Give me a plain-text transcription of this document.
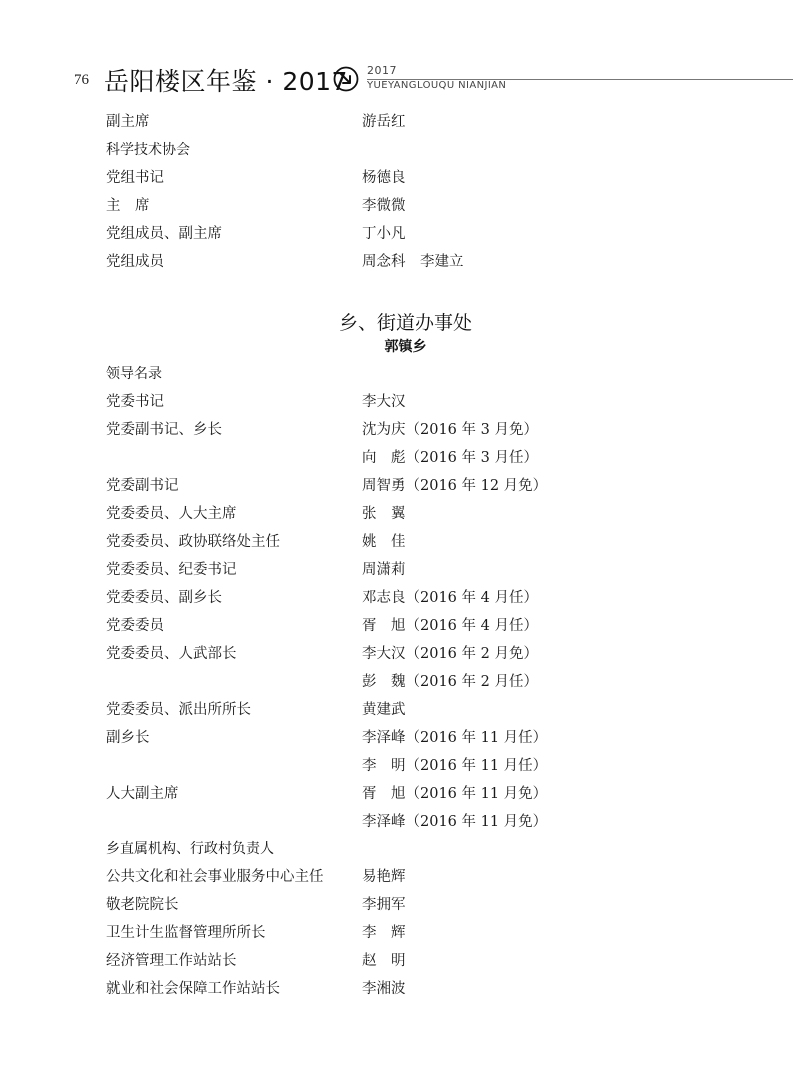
76 岳阳楼区年鉴 · 2017 2017
YUEYANGLOUQU NIANJIAN
副主席	游岳红
科学技术协会
党组书记	杨德良
主　席	李微微
党组成员、副主席	丁小凡
党组成员	周念科　李建立
乡、街道办事处
郭镇乡
领导名录
党委书记	李大汉
党委副书记、乡长	沈为庆（2016 年 3 月免）
向　彪（2016 年 3 月任）
党委副书记	周智勇（2016 年 12 月免）
党委委员、人大主席	张　翼
党委委员、政协联络处主任	姚　佳
党委委员、纪委书记	周潇莉
党委委员、副乡长	邓志良（2016 年 4 月任）
党委委员	胥　旭（2016 年 4 月任）
党委委员、人武部长	李大汉（2016 年 2 月免）
彭　魏（2016 年 2 月任）
党委委员、派出所所长	黄建武
副乡长	李泽峰（2016 年 11 月任）
李　明（2016 年 11 月任）
人大副主席	胥　旭（2016 年 11 月免）
李泽峰（2016 年 11 月免）
乡直属机构、行政村负责人
公共文化和社会事业服务中心主任	易艳辉
敬老院院长	李拥军
卫生计生监督管理所所长	李　辉
经济管理工作站站长	赵　明
就业和社会保障工作站站长	李湘波
